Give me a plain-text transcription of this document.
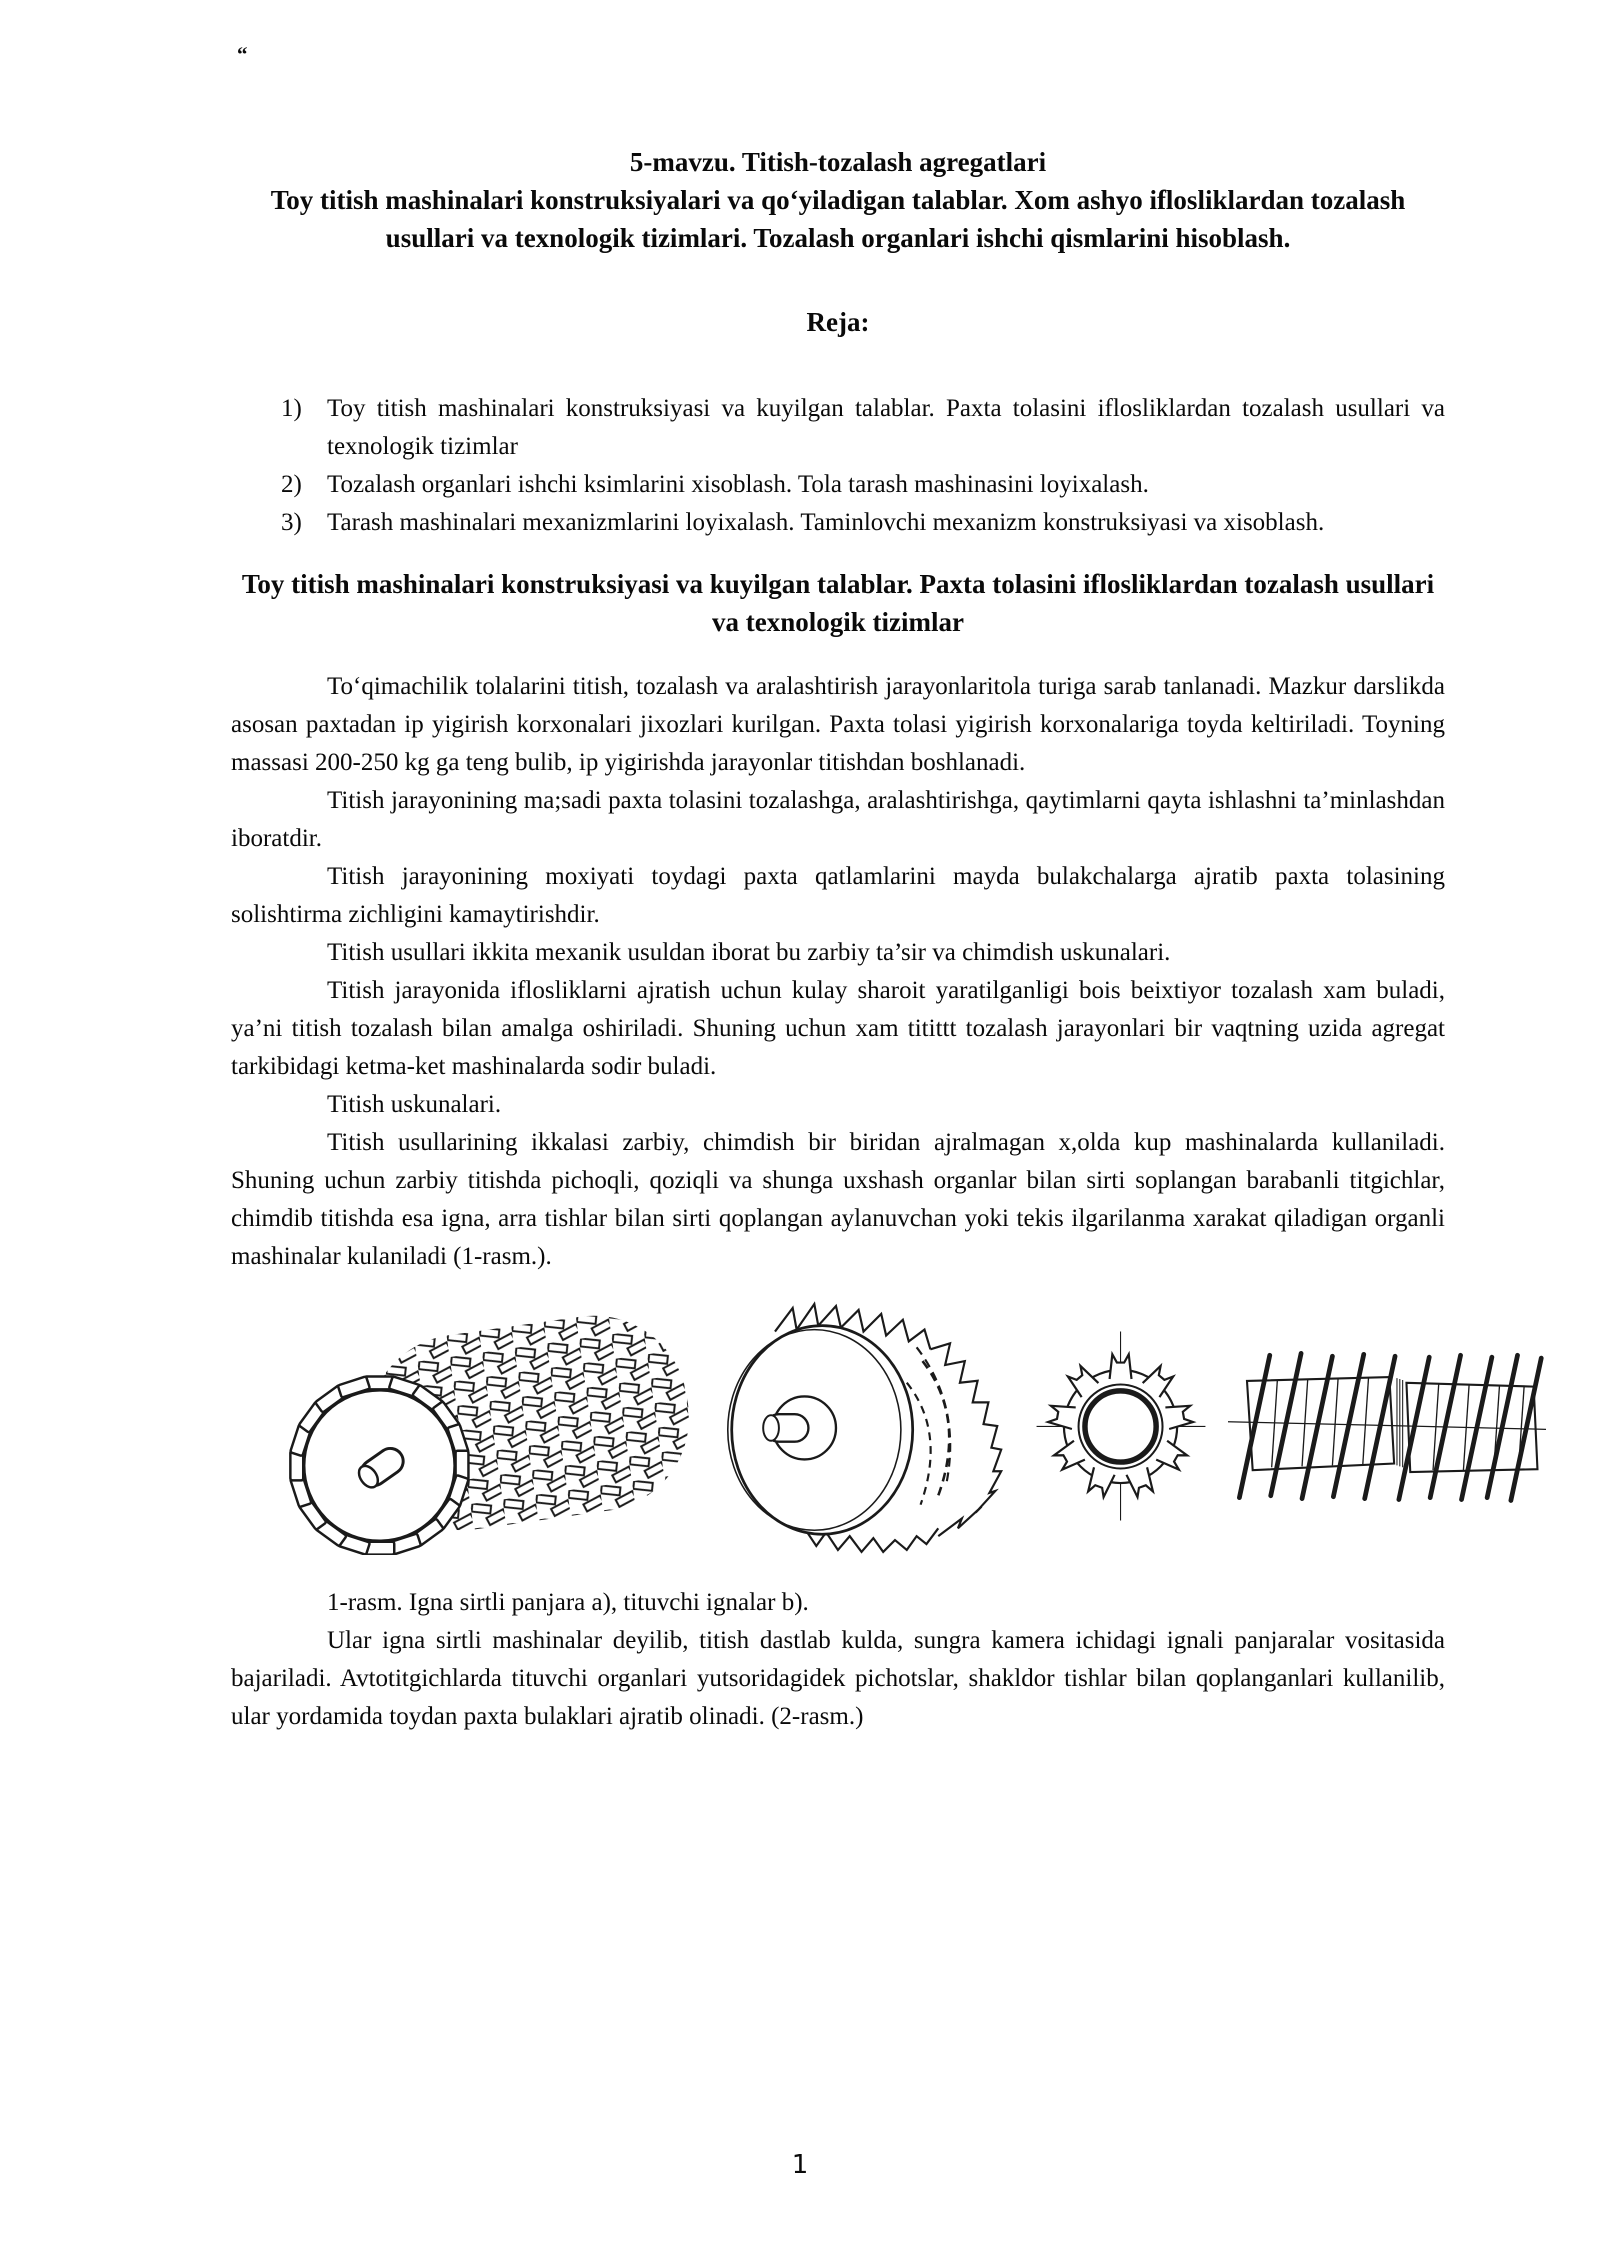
“
5-mavzu. Titish-tozalash agregatlari
Toy titish mashinalari konstruksiyalari va qo‘yiladigan talablar. Xom ashyo iflosliklardan tozalash usullari va texnologik tizimlari. Tozalash organlari ishchi qismlarini hisoblash.
Reja:
1) Toy titish mashinalari konstruksiyasi va kuyilgan talablar. Paxta tolasini iflosliklardan tozalash usullari va texnologik tizimlar
2) Tozalash organlari ishchi ksimlarini xisoblash. Tola tarash mashinasini loyixalash.
3) Tarash mashinalari mexanizmlarini loyixalash. Taminlovchi mexanizm konstruksiyasi va xisoblash.
Toy titish mashinalari konstruksiyasi va kuyilgan talablar. Paxta tolasini iflosliklardan tozalash usullari va texnologik tizimlar

To‘qimachilik tolalarini titish, tozalash va aralashtirish jarayonlaritola turiga sarab tanlanadi. Mazkur darslikda asosan paxtadan ip yigirish korxonalari jixozlari kurilgan. Paxta tolasi yigirish korxonalariga toyda keltiriladi. Toyning massasi 200-250 kg ga teng bulib, ip yigirishda jarayonlar titishdan boshlanadi.

Titish jarayonining ma;sadi paxta tolasini tozalashga, aralashtirishga, qaytimlarni qayta ishlashni ta’minlashdan iboratdir.

Titish jarayonining moxiyati toydagi paxta qatlamlarini mayda bulakchalarga ajratib paxta tolasining solishtirma zichligini kamaytirishdir.

Titish usullari ikkita mexanik usuldan iborat bu zarbiy ta’sir va chimdish uskunalari.

Titish jarayonida iflosliklarni ajratish uchun kulay sharoit yaratilganligi bois beixtiyor tozalash xam buladi, ya’ni titish tozalash bilan amalga oshiriladi. Shuning uchun xam titittt tozalash jarayonlari bir vaqtning uzida agregat tarkibidagi ketma-ket mashinalarda sodir buladi.

Titish uskunalari.

Titish usullarining ikkalasi zarbiy, chimdish bir biridan ajralmagan x,olda kup mashinalarda kullaniladi. Shuning uchun zarbiy titishda pichoqli, qoziqli va shunga uxshash organlar bilan sirti soplangan barabanli titgichlar, chimdib titishda esa igna, arra tishlar bilan sirti qoplangan aylanuvchan yoki tekis ilgarilanma xarakat qiladigan organli mashinalar kulaniladi (1-rasm.).

1-rasm. Igna sirtli panjara a), tituvchi ignalar b).

Ular igna sirtli mashinalar deyilib, titish dastlab kulda, sungra kamera ichidagi ignali panjaralar vositasida bajariladi. Avtotitgichlarda tituvchi organlari yutsoridagidek pichotslar, shakldor tishlar bilan qoplanganlari kullanilib, ular yordamida toydan paxta bulaklari ajratib olinadi. (2-rasm.)

1
